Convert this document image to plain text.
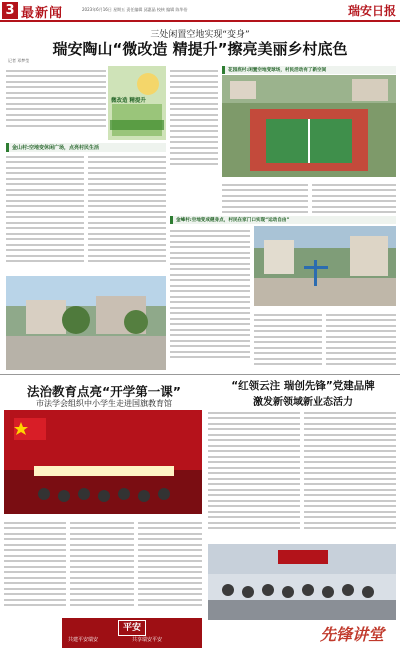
3 最新闻	2023年6月16日 星期五 责任编辑 邱惠晶 校核 编辑 陈华俗	瑞安日报
三处闲置空地实现“变身”
瑞安陶山“微改造 精提升”擦亮美丽乡村底色
记者 邓梦莹
微改造 精提升
金山村:空地变休闲广场，点亮村民生活
花园底村:闲置空地变球场，村民活动有了新空间
金峰村:空地变成健身点，村民在家门口实现“运动自由”
法治教育点亮“开学第一课”
市法学会组织中小学生走进国旗教育馆
平安
共建平安瑞安	共享瑞安平安
“红领云注 瑞创先锋”党建品牌
激发新领域新业态活力
先锋讲堂
